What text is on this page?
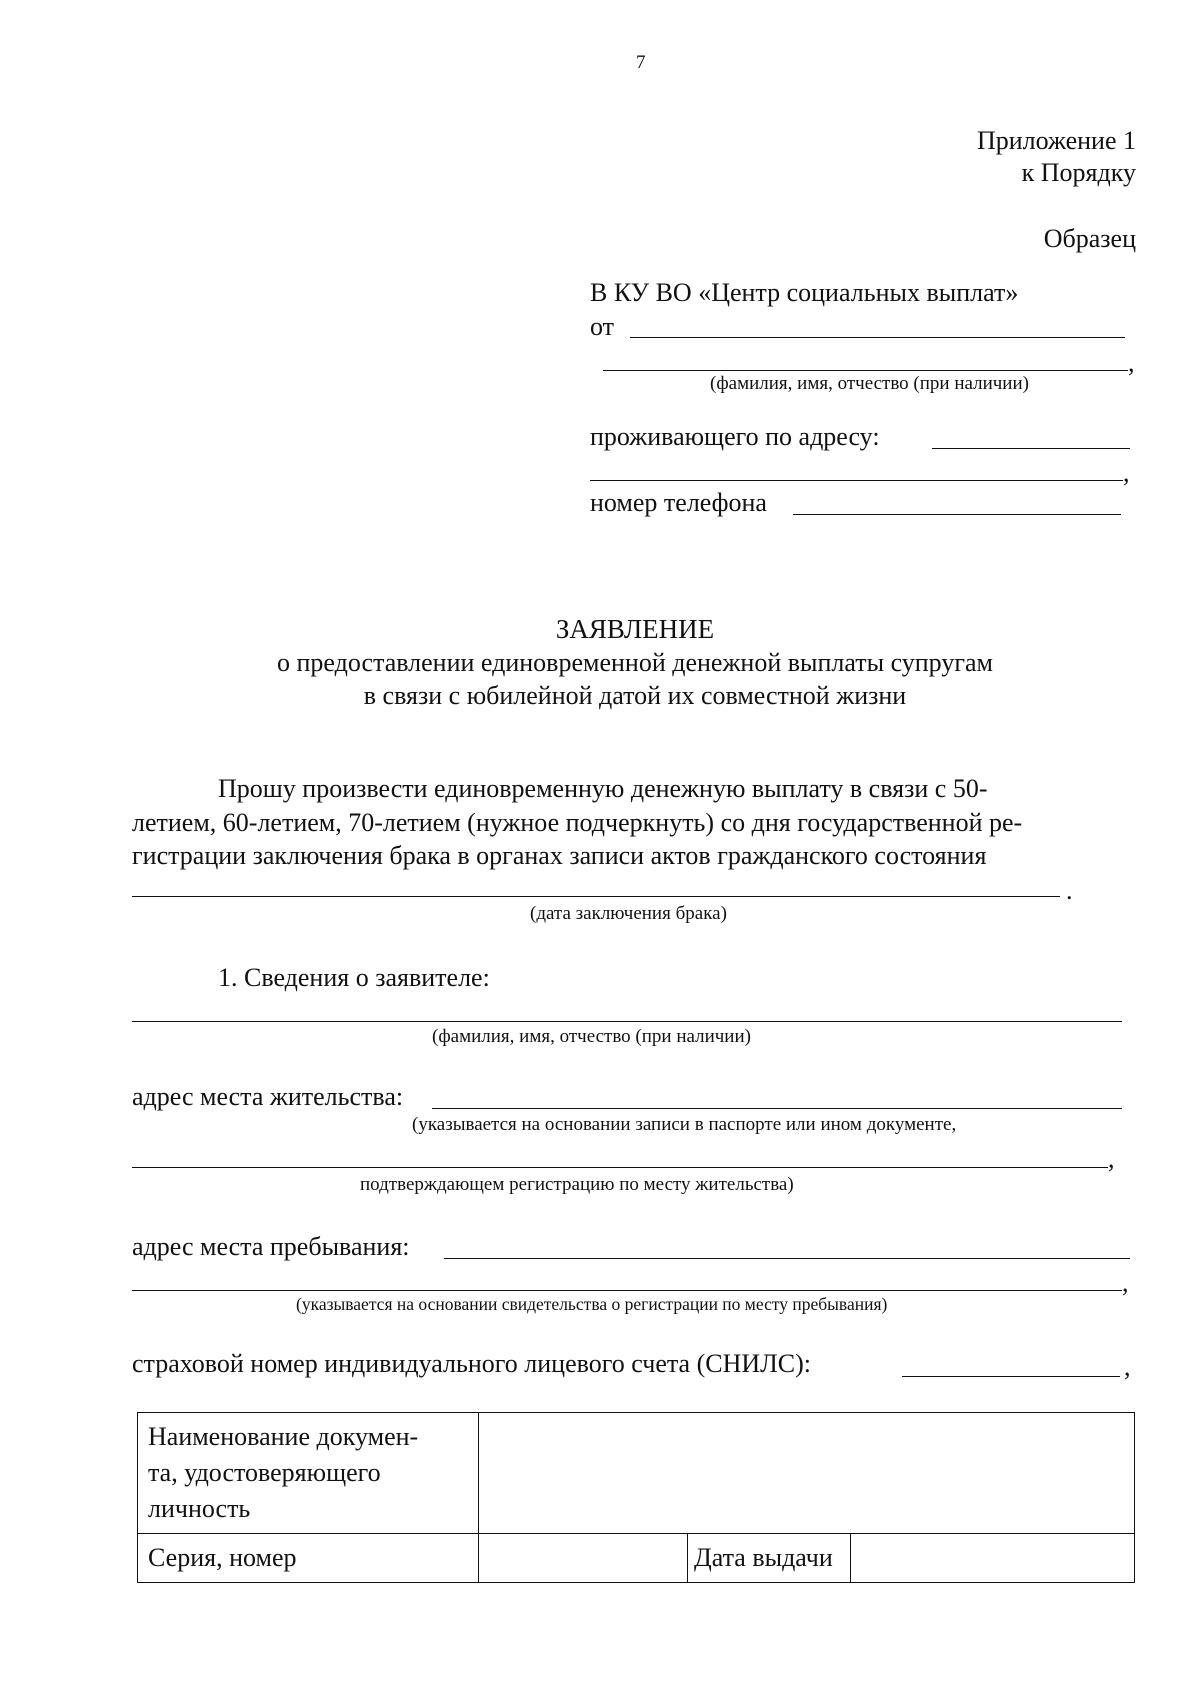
7
Приложение 1
к Порядку
Образец
В КУ ВО «Центр социальных выплат»
от
,
(фамилия, имя, отчество (при наличии)
проживающего по адресу:
,
номер телефона
ЗАЯВЛЕНИЕ
о предоставлении единовременной денежной выплаты супругам
в связи с юбилейной датой их совместной жизни
Прошу произвести единовременную денежную выплату в связи с 50-
летием, 60-летием, 70-летием (нужное подчеркнуть) со дня государственной ре-
гистрации заключения брака в органах записи актов гражданского состояния
.
(дата заключения брака)
1. Сведения о заявителе:
(фамилия, имя, отчество (при наличии)
адрес места жительства:
(указывается на основании записи в паспорте или ином документе,
,
подтверждающем регистрацию по месту жительства)
адрес места пребывания:
,
(указывается на основании свидетельства о регистрации по месту пребывания)
страховой номер индивидуального лицевого счета (СНИЛС):	,
Наименование докумен-
та, удостоверяющего
личность			
Серия, номер		Дата выдачи	
